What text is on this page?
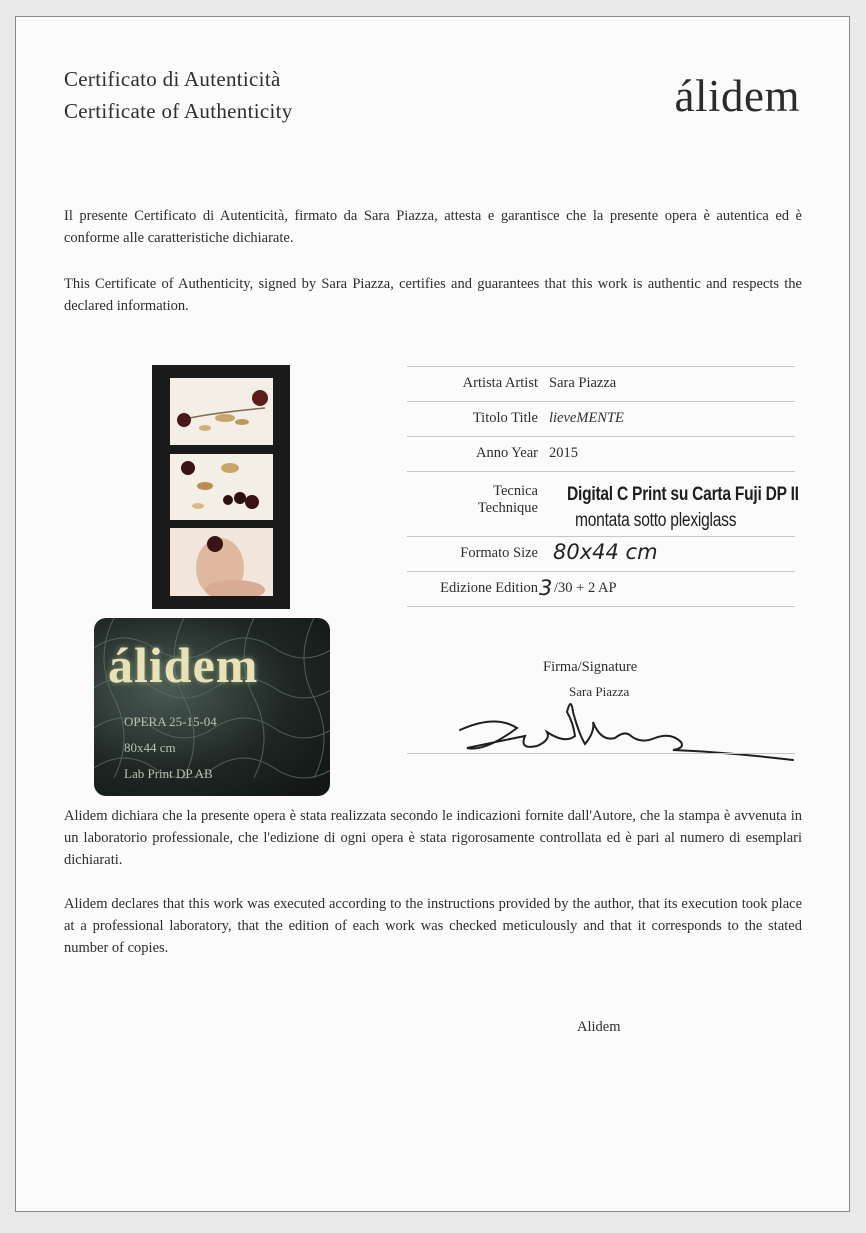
Certificato di Autenticità
Certificate of Authenticity	álidem
Il presente Certificato di Autenticità, firmato da Sara Piazza, attesta e garantisce che la presente opera è autentica ed è conforme alle caratteristiche dichiarate.
This Certificate of Authenticity, signed by Sara Piazza, certifies and guarantees that this work is authentic and respects the declared information.
álidem
OPERA 25-15-04
80x44 cm
Lab Print DP AB
Artista Artist Sara Piazza
Titolo Title lieveMENTE
Anno Year 2015
Tecnica
Technique
Digital C Print su Carta Fuji DP II
montata sotto plexiglass
Formato Size 80x44 cm
Edizione Edition 3 /30 + 2 AP
Firma/Signature
Sara Piazza
Alidem dichiara che la presente opera è stata realizzata secondo le indicazioni fornite dall'Autore, che la stampa è avvenuta in un laboratorio professionale, che l'edizione di ogni opera è stata rigorosamente controllata ed è pari al numero di esemplari dichiarati.
Alidem declares that this work was executed according to the instructions provided by the author, that its execution took place at a professional laboratory, that the edition of each work was checked meticulously and that it corresponds to the stated number of copies.
Alidem
